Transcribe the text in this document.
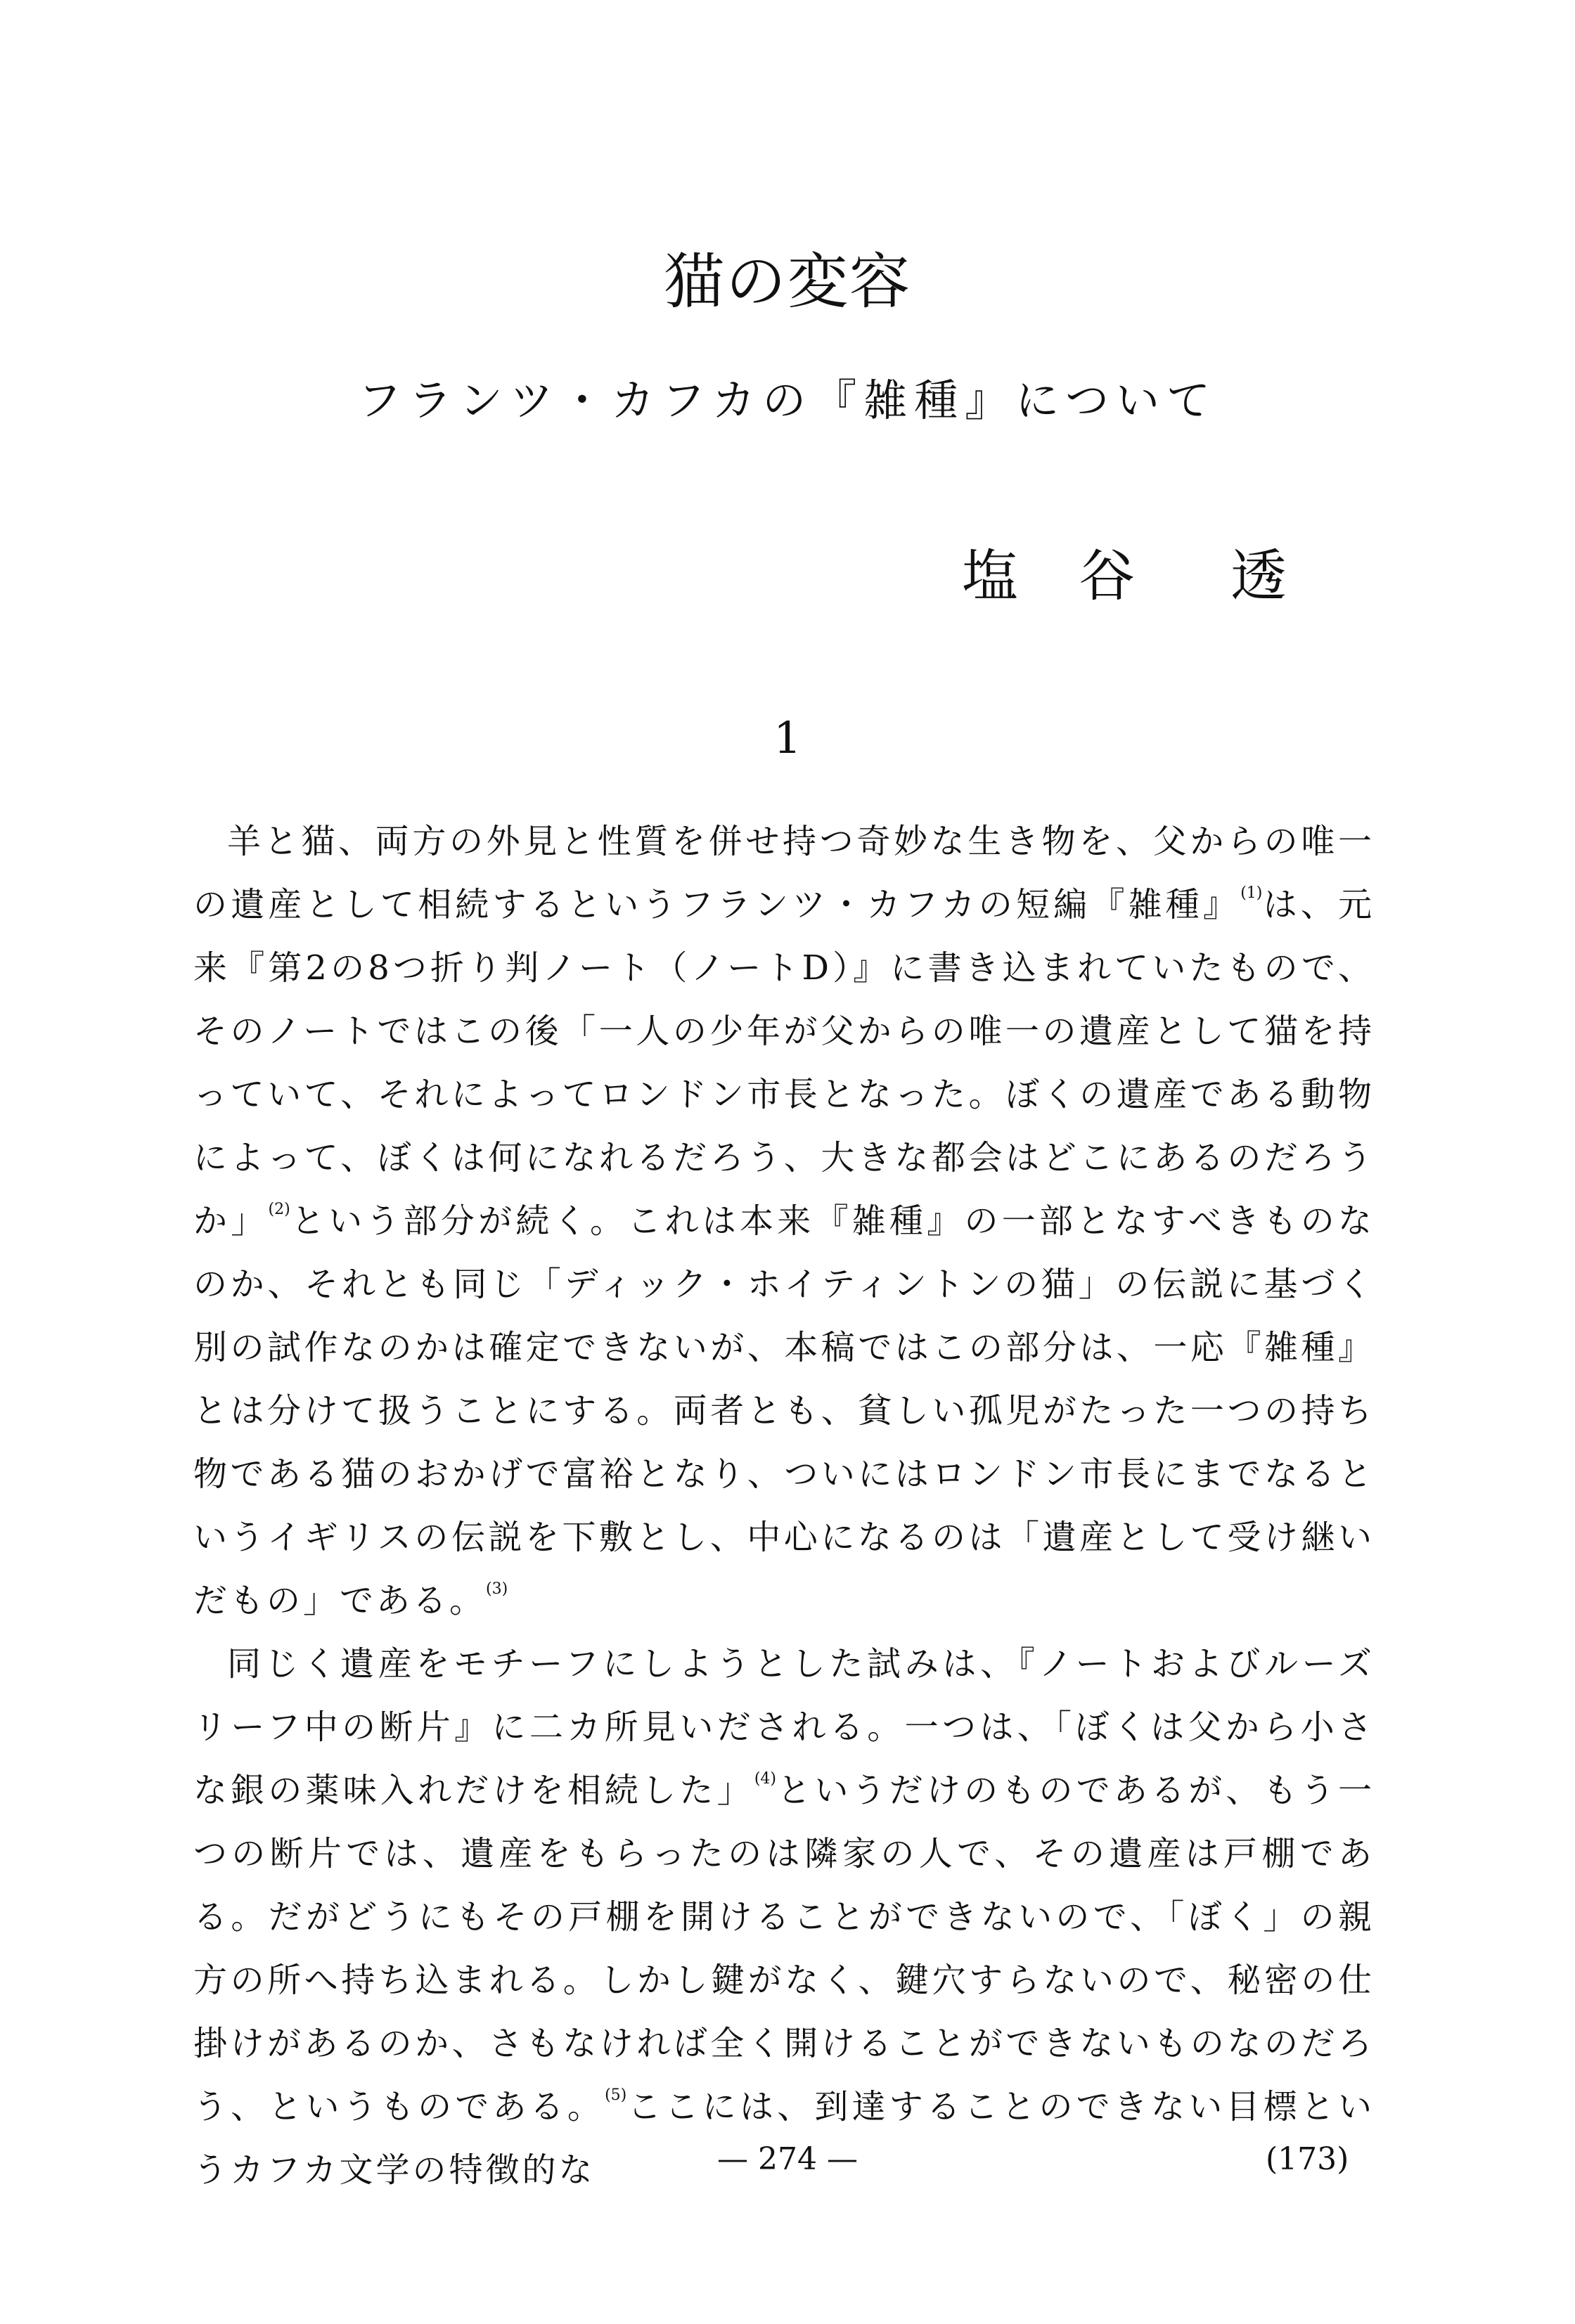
猫の変容
フランツ・カフカの『雑種』について
塩 谷 透
1

羊と猫、両方の外見と性質を併せ持つ奇妙な生き物を、父からの唯一の遺産として相続するというフランツ・カフカの短編『雑種』$^{(1)}$は、元来『第2の8つ折り判ノート（ノートD）』に書き込まれていたもので、そのノートではこの後「一人の少年が父からの唯一の遺産として猫を持っていて、それによってロンドン市長となった。ぼくの遺産である動物によって、ぼくは何になれるだろう、大きな都会はどこにあるのだろうか」$^{(2)}$という部分が続く。これは本来『雑種』の一部となすべきものなのか、それとも同じ「ディック・ホイティントンの猫」の伝説に基づく別の試作なのかは確定できないが、本稿ではこの部分は、一応『雑種』とは分けて扱うことにする。両者とも、貧しい孤児がたった一つの持ち物である猫のおかげで富裕となり、ついにはロンドン市長にまでなるというイギリスの伝説を下敷とし、中心になるのは「遺産として受け継いだもの」である。$^{(3)}$

同じく遺産をモチーフにしようとした試みは、『ノートおよびルーズリーフ中の断片』に二カ所見いだされる。一つは、「ぼくは父から小さな銀の薬味入れだけを相続した」$^{(4)}$というだけのものであるが、もう一つの断片では、遺産をもらったのは隣家の人で、その遺産は戸棚である。だがどうにもその戸棚を開けることができないので、「ぼく」の親方の所へ持ち込まれる。しかし鍵がなく、鍵穴すらないので、秘密の仕掛けがあるのか、さもなければ全く開けることができないものなのだろう、というものである。$^{(5)}$ここには、到達することのできない目標というカフカ文学の特徴的な	— 274 —	(173)
